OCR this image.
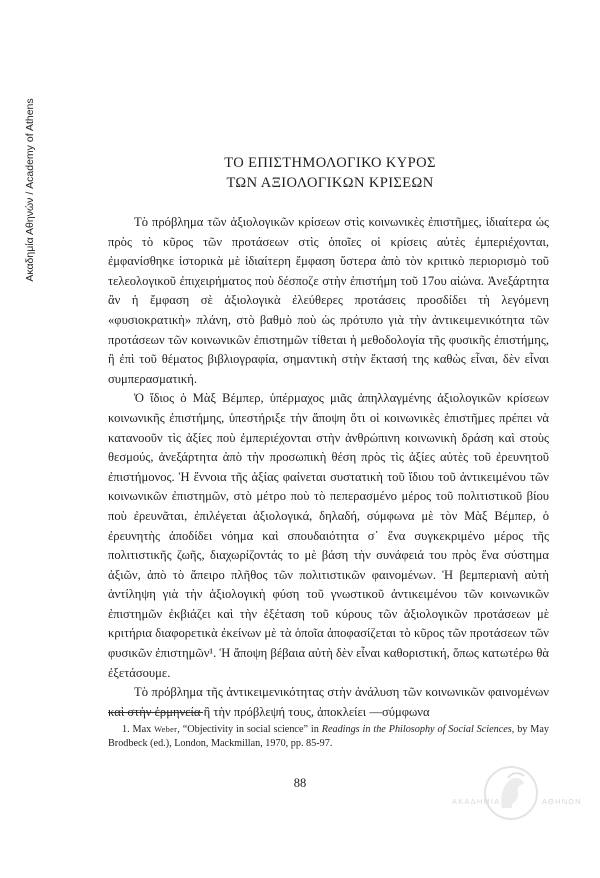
Ακαδημία Αθηνών / Academy of Athens	ΤΟ ΕΠΙΣΤΗΜΟΛΟΓΙΚΟ ΚΥΡΟΣ
ΤΩΝ ΑΞΙΟΛΟΓΙΚΩΝ ΚΡΙΣΕΩΝ

Τὸ πρόβλημα τῶν ἀξιολογικῶν κρίσεων στὶς κοινωνικὲς ἐπιστῆμες, ἰδιαίτερα ὡς πρὸς τὸ κῦρος τῶν προτάσεων στὶς ὁποῖες οἱ κρίσεις αὐτὲς ἐμπεριέχονται, ἐμφανίσθηκε ἱστορικὰ μὲ ἰδιαίτερη ἔμφαση ὕστερα ἀπὸ τὸν κριτικὸ περιορισμὸ τοῦ τελεολογικοῦ ἐπιχειρήματος ποὺ δέσποζε στὴν ἐπιστήμη τοῦ 17ου αἰώνα. Ἀνεξάρτητα ἂν ἡ ἔμφαση σὲ ἀξιολογικὰ ἐλεύθερες προτάσεις προσδίδει τὴ λεγόμενη «φυσιοκρατικὴ» πλάνη, στὸ βαθμὸ ποὺ ὡς πρότυπο γιὰ τὴν ἀντικειμενικότητα τῶν προτάσεων τῶν κοινωνικῶν ἐπιστημῶν τίθεται ἡ μεθοδολογία τῆς φυσικῆς ἐπιστήμης, ἢ ἐπὶ τοῦ θέματος βιβλιογραφία, σημαντικὴ στὴν ἔκτασή της καθὼς εἶναι, δὲν εἶναι συμπερασματική.

Ὁ ἴδιος ὁ Μὰξ Βέμπερ, ὑπέρμαχος μιᾶς ἀπηλλαγμένης ἀξιολογικῶν κρίσεων κοινωνικῆς ἐπιστήμης, ὑπεστήριξε τὴν ἄποψη ὅτι οἱ κοινωνικὲς ἐπιστῆμες πρέπει νὰ κατανοοῦν τὶς ἀξίες ποὺ ἐμπεριέχονται στὴν ἀνθρώπινη κοινωνικὴ δράση καὶ στοὺς θεσμούς, ἀνεξάρτητα ἀπὸ τὴν προσωπικὴ θέση πρὸς τὶς ἀξίες αὐτὲς τοῦ ἐρευνητοῦ ἐπιστήμονος. Ἡ ἔννοια τῆς ἀξίας φαίνεται συστατικὴ τοῦ ἴδιου τοῦ ἀντικειμένου τῶν κοινωνικῶν ἐπιστημῶν, στὸ μέτρο ποὺ τὸ πεπερασμένο μέρος τοῦ πολιτιστικοῦ βίου ποὺ ἐρευνᾶται, ἐπιλέγεται ἀξιολογικά, δηλαδή, σύμφωνα μὲ τὸν Μὰξ Βέμπερ, ὁ ἐρευνητὴς ἀποδίδει νόημα καὶ σπουδαιότητα σ᾿ ἕνα συγκεκριμένο μέρος τῆς πολιτιστικῆς ζωῆς, διαχωρίζοντάς το μὲ βάση τὴν συνάφειά του πρὸς ἕνα σύστημα ἀξιῶν, ἀπὸ τὸ ἄπειρο πλῆθος τῶν πολιτιστικῶν φαινομένων. Ἡ βεμπεριανὴ αὐτὴ ἀντίληψη γιὰ τὴν ἀξιολογικὴ φύση τοῦ γνωστικοῦ ἀντικειμένου τῶν κοινωνικῶν ἐπιστημῶν ἐκβιάζει καὶ τὴν ἐξέταση τοῦ κύρους τῶν ἀξιολογικῶν προτάσεων μὲ κριτήρια διαφορετικὰ ἐκείνων μὲ τὰ ὁποῖα ἀποφασίζεται τὸ κῦρος τῶν προτάσεων τῶν φυσικῶν ἐπιστημῶν¹. Ἡ ἄποψη βέβαια αὐτὴ δὲν εἶναι καθοριστική, ὅπως κατωτέρω θὰ ἐξετάσουμε.

Τὸ πρόβλημα τῆς ἀντικειμενικότητας στὴν ἀνάλυση τῶν κοινωνικῶν φαινομένων καὶ στὴν ἑρμηνεία ἢ τὴν πρόβλεψή τους, ἀποκλείει —σύμφωνα

1. Max Weber, “Objectivity in social science” in Readings in the Philosophy of Social Sciences, by May Brodbeck (ed.), London, Mackmillan, 1970, pp. 85-97.

88
ΑΚΑΔΗΜΙΑ	ΑΘΗΝΩΝ
